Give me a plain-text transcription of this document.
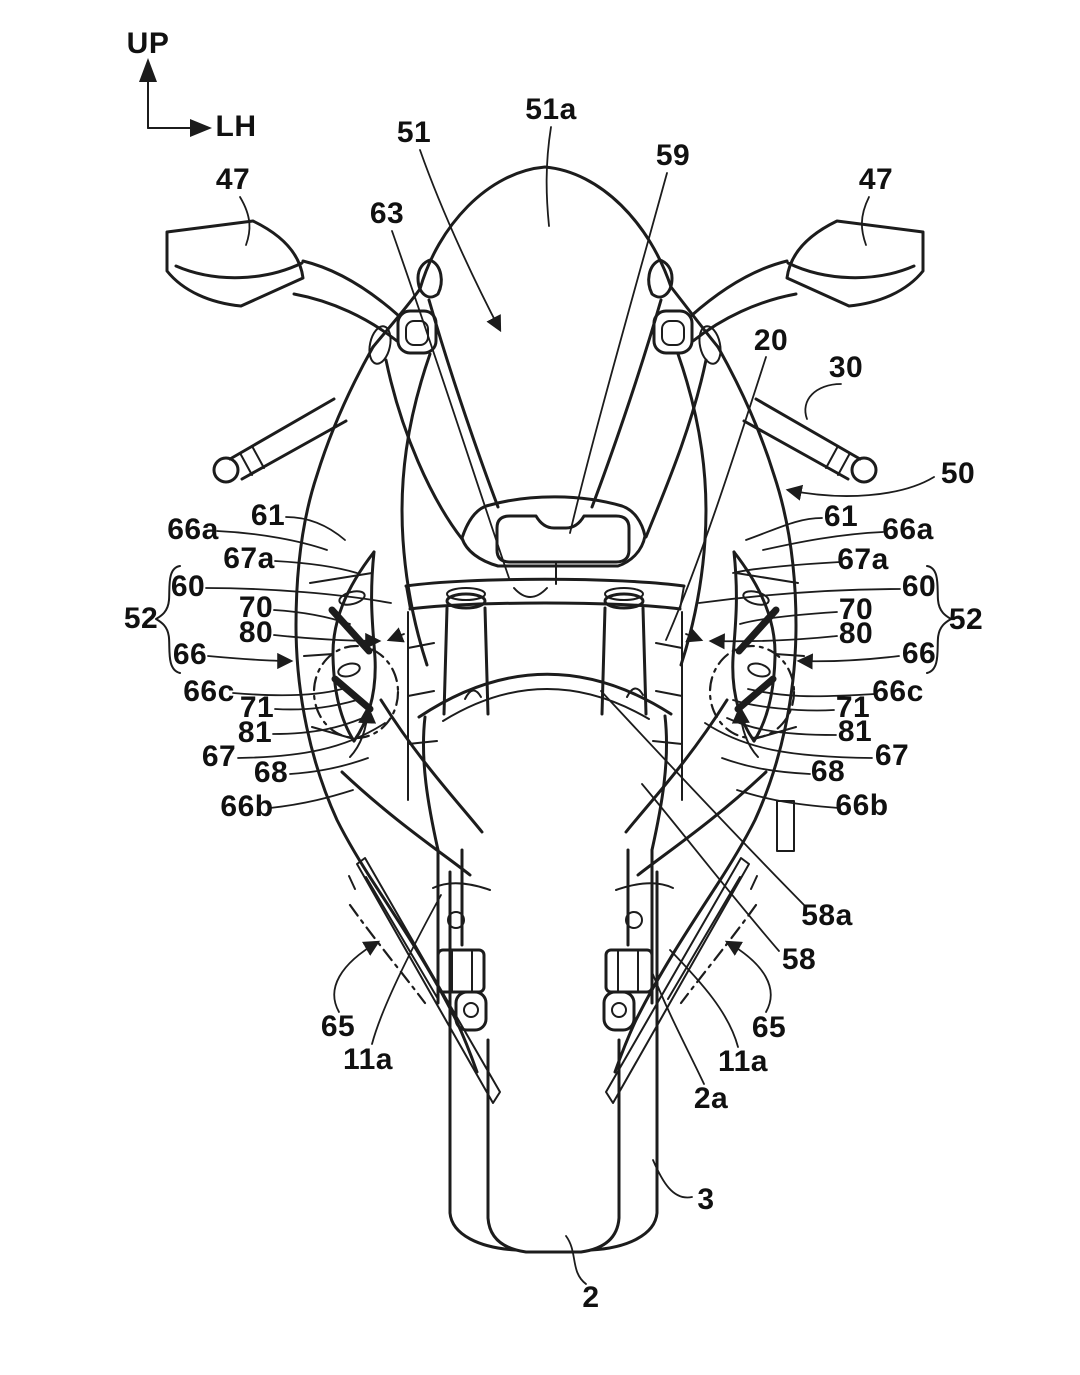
UP
LH
47
51
51a
59
63
47
20
30
50
61
66a
67a
60
70
80
52
66
66c 71
81
67 68
66b
61 66a
67a
60
70
80	52
66
66c
71
81
67
68
66b
58a
58
65
11a
65
11a
2a
3
2
